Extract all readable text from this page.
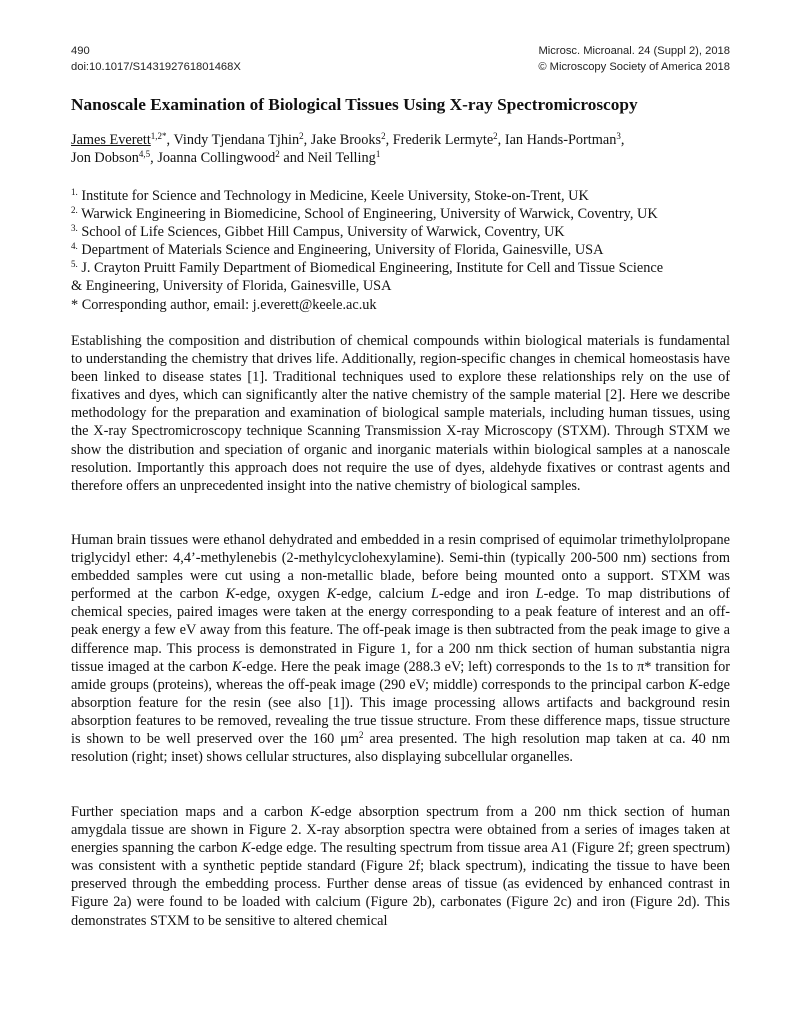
490	Microsc. Microanal. 24 (Suppl 2), 2018
doi:10.1017/S143192761801468X	© Microscopy Society of America 2018
Nanoscale Examination of Biological Tissues Using X-ray Spectromicroscopy
James Everett$^{1,2*}$, Vindy Tjendana Tjhin$^2$, Jake Brooks$^2$, Frederik Lermyte$^2$, Ian Hands-Portman$^3$,
Jon Dobson$^{4,5}$, Joanna Collingwood$^2$ and Neil Telling$^1$
$^{1.}$ Institute for Science and Technology in Medicine, Keele University, Stoke-on-Trent, UK
$^{2.}$ Warwick Engineering in Biomedicine, School of Engineering, University of Warwick, Coventry, UK
$^{3.}$ School of Life Sciences, Gibbet Hill Campus, University of Warwick, Coventry, UK
$^{4.}$ Department of Materials Science and Engineering, University of Florida, Gainesville, USA
$^{5.}$ J. Crayton Pruitt Family Department of Biomedical Engineering, Institute for Cell and Tissue Science
& Engineering, University of Florida, Gainesville, USA
* Corresponding author, email: j.everett@keele.ac.uk
Establishing the composition and distribution of chemical compounds within biological materials is fundamental to understanding the chemistry that drives life. Additionally, region-specific changes in chemical homeostasis have been linked to disease states [1]. Traditional techniques used to explore these relationships rely on the use of fixatives and dyes, which can significantly alter the native chemistry of the sample material [2]. Here we describe methodology for the preparation and examination of biological sample materials, including human tissues, using the X-ray Spectromicroscopy technique Scanning Transmission X-ray Microscopy (STXM). Through STXM we show the distribution and speciation of organic and inorganic materials within biological samples at a nanoscale resolution. Importantly this approach does not require the use of dyes, aldehyde fixatives or contrast agents and therefore offers an unprecedented insight into the native chemistry of biological samples.
Human brain tissues were ethanol dehydrated and embedded in a resin comprised of equimolar trimethylolpropane triglycidyl ether: 4,4’-methylenebis (2-methylcyclohexylamine). Semi-thin (typically 200-500 nm) sections from embedded samples were cut using a non-metallic blade, before being mounted onto a support. STXM was performed at the carbon K-edge, oxygen K-edge, calcium L-edge and iron L-edge. To map distributions of chemical species, paired images were taken at the energy corresponding to a peak feature of interest and an off-peak energy a few eV away from this feature. The off-peak image is then subtracted from the peak image to give a difference map. This process is demonstrated in Figure 1, for a 200 nm thick section of human substantia nigra tissue imaged at the carbon K-edge. Here the peak image (288.3 eV; left) corresponds to the 1s to π* transition for amide groups (proteins), whereas the off-peak image (290 eV; middle) corresponds to the principal carbon K-edge absorption feature for the resin (see also [1]). This image processing allows artifacts and background resin absorption features to be removed, revealing the true tissue structure. From these difference maps, tissue structure is shown to be well preserved over the 160 $\mu m^2$ area presented. The high resolution map taken at ca. 40 nm resolution (right; inset) shows cellular structures, also displaying subcellular organelles.
Further speciation maps and a carbon K-edge absorption spectrum from a 200 nm thick section of human amygdala tissue are shown in Figure 2. X-ray absorption spectra were obtained from a series of images taken at energies spanning the carbon K-edge edge. The resulting spectrum from tissue area A1 (Figure 2f; green spectrum) was consistent with a synthetic peptide standard (Figure 2f; black spectrum), indicating the tissue to have been preserved through the embedding process. Further dense areas of tissue (as evidenced by enhanced contrast in Figure 2a) were found to be loaded with calcium (Figure 2b), carbonates (Figure 2c) and iron (Figure 2d). This demonstrates STXM to be sensitive to altered chemical
